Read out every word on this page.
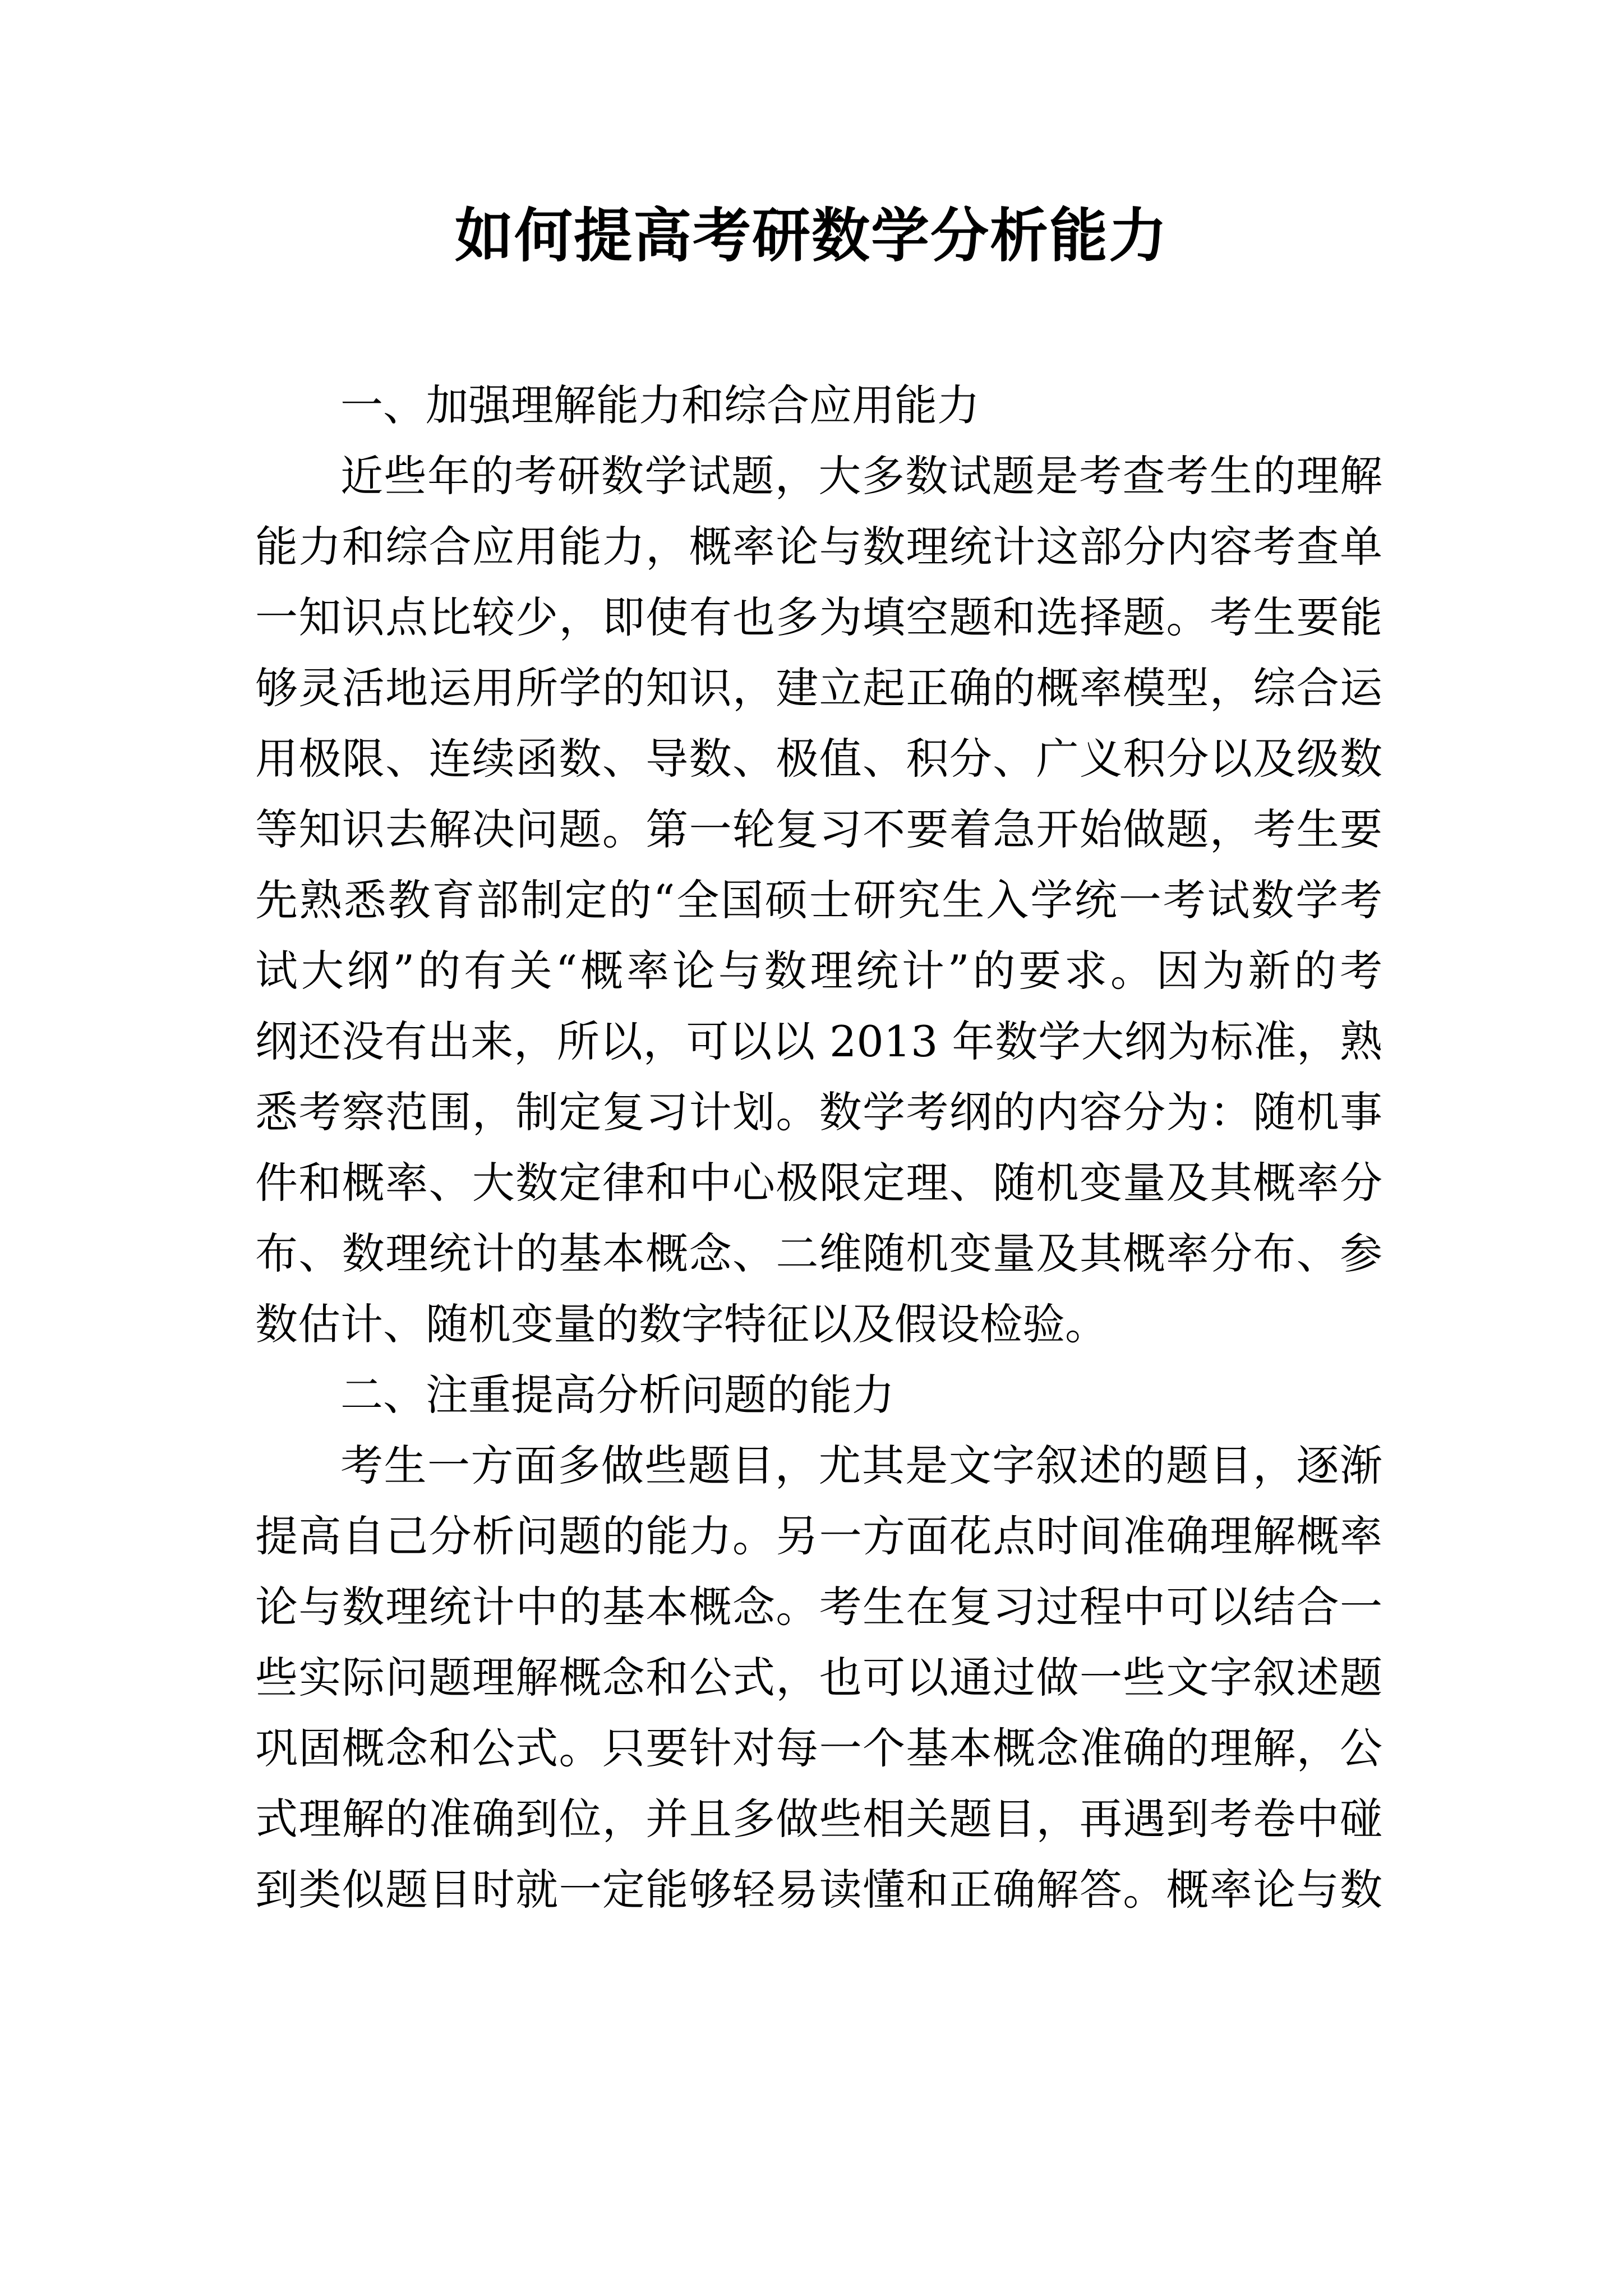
如何提高考研数学分析能力
一、加强理解能力和综合应用能力
近些年的考研数学试题，大多数试题是考查考生的理解
能力和综合应用能力，概率论与数理统计这部分内容考查单
一知识点比较少，即使有也多为填空题和选择题。考生要能
够灵活地运用所学的知识，建立起正确的概率模型，综合运
用极限、连续函数、导数、极值、积分、广义积分以及级数
等知识去解决问题。第一轮复习不要着急开始做题，考生要
先熟悉教育部制定的“全国硕士研究生入学统一考试数学考
试大纲”的有关“概率论与数理统计”的要求。因为新的考
纲还没有出来，所以，可以以 2013 年数学大纲为标准，熟
悉考察范围，制定复习计划。数学考纲的内容分为：随机事
件和概率、大数定律和中心极限定理、随机变量及其概率分
布、数理统计的基本概念、二维随机变量及其概率分布、参
数估计、随机变量的数字特征以及假设检验。
二、注重提高分析问题的能力
考生一方面多做些题目，尤其是文字叙述的题目，逐渐
提高自己分析问题的能力。另一方面花点时间准确理解概率
论与数理统计中的基本概念。考生在复习过程中可以结合一
些实际问题理解概念和公式，也可以通过做一些文字叙述题
巩固概念和公式。只要针对每一个基本概念准确的理解，公
式理解的准确到位，并且多做些相关题目，再遇到考卷中碰
到类似题目时就一定能够轻易读懂和正确解答。概率论与数
